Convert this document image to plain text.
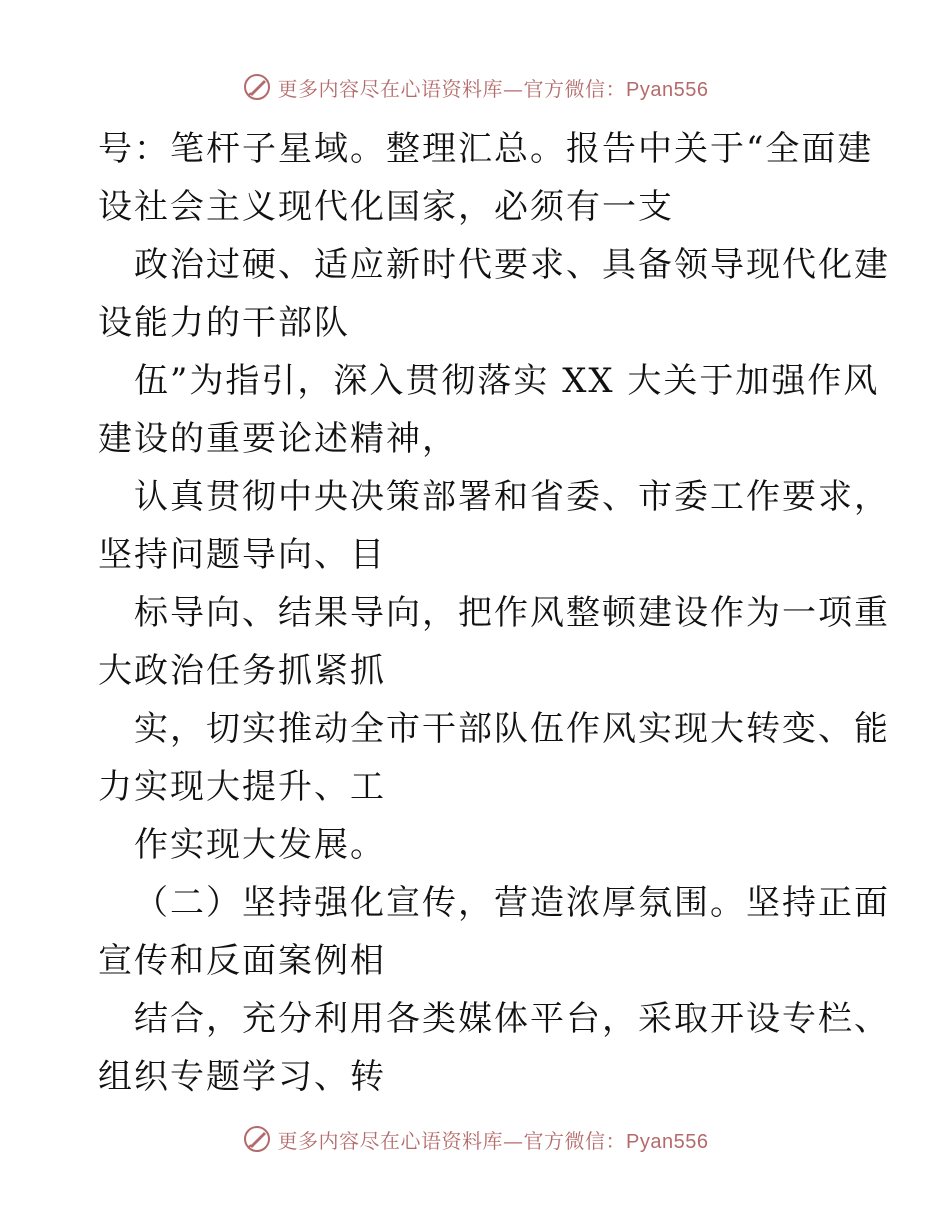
更多内容尽在心语资料库—官方微信：Pyan556
号：笔杆子星域。整理汇总。报告中关于“全面建
设社会主义现代化国家，必须有一支
政治过硬、适应新时代要求、具备领导现代化建
设能力的干部队
伍”为指引，深入贯彻落实 XX 大关于加强作风
建设的重要论述精神，
认真贯彻中央决策部署和省委、市委工作要求，
坚持问题导向、目
标导向、结果导向，把作风整顿建设作为一项重
大政治任务抓紧抓
实，切实推动全市干部队伍作风实现大转变、能
力实现大提升、工
作实现大发展。
（二）坚持强化宣传，营造浓厚氛围。坚持正面
宣传和反面案例相
结合，充分利用各类媒体平台，采取开设专栏、
组织专题学习、转
更多内容尽在心语资料库—官方微信：Pyan556
